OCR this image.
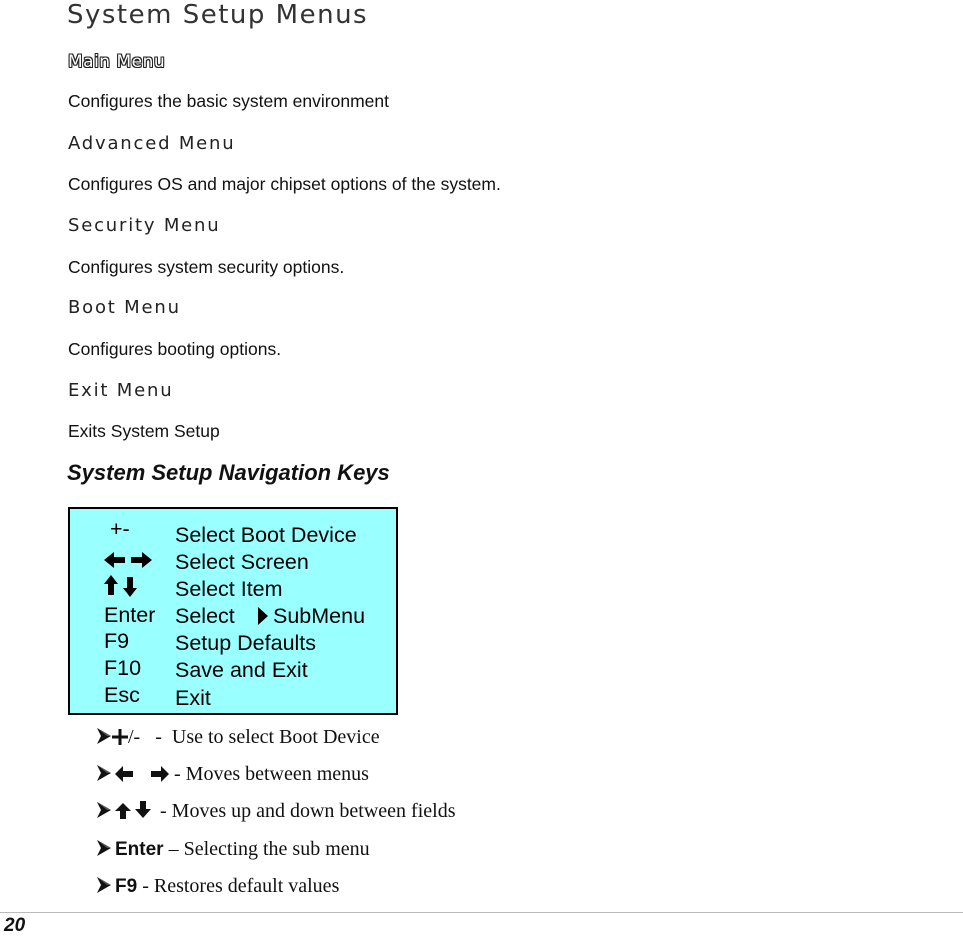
System Setup Menus
Main Menu
Configures the basic system environment
Advanced Menu
Configures OS and major chipset options of the system.
Security Menu
Configures system security options.
Boot Menu
Configures booting options.
Exit Menu
Exits System Setup
System Setup Navigation Keys
+- Select Boot Device
Select Screen
Select Item
Enter Select SubMenu
F9 Setup Defaults
F10 Save and Exit
Esc Exit
/- - Use to select Boot Device
- Moves between menus
- Moves up and down between fields
Enter – Selecting the sub menu
F9 - Restores default values
20
